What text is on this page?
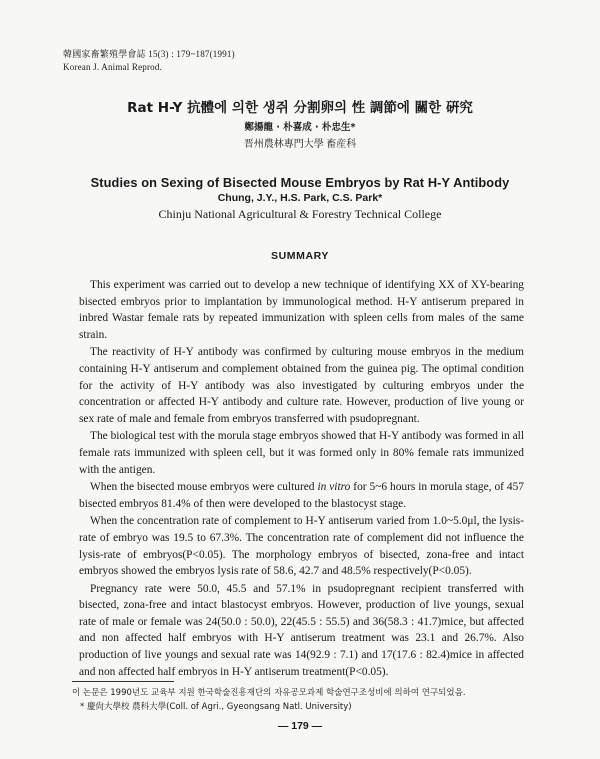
韓國家畜繁殖學會誌 15(3) : 179~187(1991)
Korean J. Animal Reprod.
Rat H-Y 抗體에 의한 생쥐 分割卵의 性 調節에 關한 硏究
鄭揚龍 · 朴喜成 · 朴忠生*
晋州農林專門大學 畜産科
Studies on Sexing of Bisected Mouse Embryos by Rat H-Y Antibody
Chung, J.Y., H.S. Park, C.S. Park*
Chinju National Agricultural & Forestry Technical College
SUMMARY

This experiment was carried out to develop a new technique of identifying XX of XY-bearing bisected embryos prior to implantation by immunological method. H-Y antiserum prepared in inbred Wastar female rats by repeated immunization with spleen cells from males of the same strain.

The reactivity of H-Y antibody was confirmed by culturing mouse embryos in the medium containing H-Y antiserum and complement obtained from the guinea pig. The optimal condition for the activity of H-Y antibody was also investigated by culturing embryos under the concentration or affected H-Y antibody and culture rate. However, production of live young or sex rate of male and female from embryos transferred with psudopregnant.

The biological test with the morula stage embryos showed that H-Y antibody was formed in all female rats immunized with spleen cell, but it was formed only in 80% female rats immunized with the antigen.

When the bisected mouse embryos were cultured in vitro for 5~6 hours in morula stage, of 457 bisected embryos 81.4% of then were developed to the blastocyst stage.

When the concentration rate of complement to H-Y antiserum varied from 1.0~5.0μl, the lysis-rate of embryo was 19.5 to 67.3%. The concentration rate of complement did not influence the lysis-rate of embryos(P<0.05). The morphology embryos of bisected, zona-free and intact embryos showed the embryos lysis rate of 58.6, 42.7 and 48.5% respectively(P<0.05).

Pregnancy rate were 50.0, 45.5 and 57.1% in psudopregnant recipient transferred with bisected, zona-free and intact blastocyst embryos. However, production of live youngs, sexual rate of male or female was 24(50.0 : 50.0), 22(45.5 : 55.5) and 36(58.3 : 41.7)mice, but affected and non affected half embryos with H-Y antiserum treatment was 23.1 and 26.7%. Also production of live youngs and sexual rate was 14(92.9 : 7.1) and 17(17.6 : 82.4)mice in affected and non affected half embryos in H-Y antiserum treatment(P<0.05).

이 논문은 1990년도 교육부 지원 한국학술진흥재단의 자유공모과제 학술연구조성비에 의하여 연구되었음.
* 慶尙大學校 農科大學(Coll. of Agri., Gyeongsang Natl. University)
— 179 —
